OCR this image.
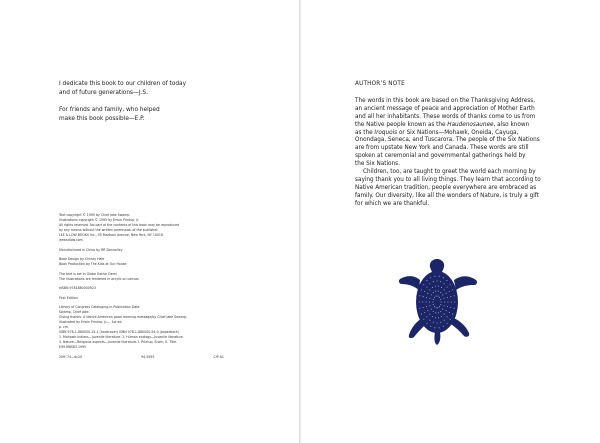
I dedicate this book to our children of today
and of future generations—J.S.

For friends and family, who helped
make this book possible—E.P.

Text copyright © 1995 by Chief Jake Swamp
Illustrations copyright © 1995 by Erwin Printup, Jr.
All rights reserved. No part of the contents of this book may be reproduced
by any means without the written permission of the publisher.
LEE & LOW BOOKS Inc., 95 Madison Avenue, New York, NY 10016
leeandlow.com
Manufactured in China by RR Donnelley
Book Design by Christy Hale
Book Production by The Kids at Our House
The text is set in Globe Gothic Demi
The illustrations are rendered in acrylic on canvas
eISBN 9781880000923
First Edition
Library of Congress Cataloging-in-Publication Data
Swamp, Chief Jake.
Giving thanks: A Native American good morning message/by Chief Jake Swamp;
illustrated by Erwin Printup, Jr.— 1st ed.
p. cm.
ISBN 978-1-880000-15-1 (hardcover) ISBN 978-1-880000-54-0 (paperback)
1. Mohawk Indians—Juvenile literature. 2. Human ecology—Juvenile literature.
3. Nature—Religious aspects—Juvenile literature. I. Printup, Erwin, II. Title.
E99.M8S83 1995
299'.74—dc20	94-5955	CIP AC
AUTHOR’S NOTE

The words in this book are based on the Thanksgiving Address,
an ancient message of peace and appreciation of Mother Earth
and all her inhabitants. These words of thanks come to us from
the Native people known as the Haudenosaunee, also known
as the Iroquois or Six Nations—Mohawk, Oneida, Cayuga,
Onondaga, Seneca, and Tuscarora. The people of the Six Nations
are from upstate New York and Canada. These words are still
spoken at ceremonial and governmental gatherings held by
the Six Nations.

Children, too, are taught to greet the world each morning by
saying thank you to all living things. They learn that according to
Native American tradition, people everywhere are embraced as
family. Our diversity, like all the wonders of Nature, is truly a gift
for which we are thankful.
